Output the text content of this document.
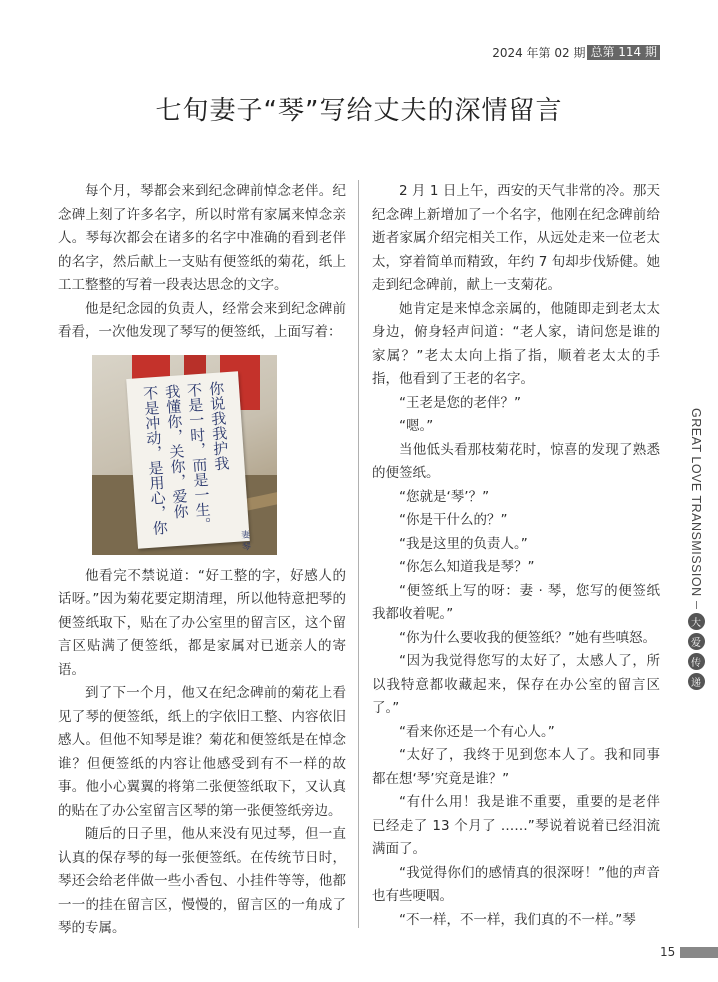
2024 年第 02 期 总第 114 期
七旬妻子“琴”写给丈夫的深情留言

每个月，琴都会来到纪念碑前悼念老伴。纪念碑上刻了许多名字，所以时常有家属来悼念亲人。琴每次都会在诸多的名字中准确的看到老伴的名字，然后献上一支贴有便签纸的菊花，纸上工工整整的写着一段表达思念的文字。

他是纪念园的负责人，经常会来到纪念碑前看看，一次他发现了琴写的便签纸，上面写着：

你说我我护我
不是一时，而是一生。
我懂你，关你，爱你
不是冲动，是用心，你
妻 琴

他看完不禁说道：“好工整的字，好感人的话呀。”因为菊花要定期清理，所以他特意把琴的便签纸取下，贴在了办公室里的留言区，这个留言区贴满了便签纸，都是家属对已逝亲人的寄语。

到了下一个月，他又在纪念碑前的菊花上看见了琴的便签纸，纸上的字依旧工整、内容依旧感人。但他不知琴是谁？菊花和便签纸是在悼念谁？但便签纸的内容让他感受到有不一样的故事。他小心翼翼的将第二张便签纸取下，又认真的贴在了办公室留言区琴的第一张便签纸旁边。

随后的日子里，他从来没有见过琴，但一直认真的保存琴的每一张便签纸。在传统节日时，琴还会给老伴做一些小香包、小挂件等等，他都一一的挂在留言区，慢慢的，留言区的一角成了琴的专属。

2 月 1 日上午，西安的天气非常的冷。那天纪念碑上新增加了一个名字，他刚在纪念碑前给逝者家属介绍完相关工作，从远处走来一位老太太，穿着简单而精致，年约 7 旬却步伐矫健。她走到纪念碑前，献上一支菊花。

她肯定是来悼念亲属的，他随即走到老太太身边，俯身轻声问道：“老人家，请问您是谁的家属？”老太太向上指了指，顺着老太太的手指，他看到了王老的名字。

“王老是您的老伴？”

“嗯。”

当他低头看那枝菊花时，惊喜的发现了熟悉的便签纸。

“您就是‘琴’？”

“你是干什么的？”

“我是这里的负责人。”

“你怎么知道我是琴？”

“便签纸上写的呀：妻 · 琴，您写的便签纸我都收着呢。”

“你为什么要收我的便签纸？”她有些嗔怒。

“因为我觉得您写的太好了，太感人了，所以我特意都收藏起来，保存在办公室的留言区了。”

“看来你还是一个有心人。”

“太好了，我终于见到您本人了。我和同事都在想‘琴’究竟是谁？”

“有什么用！我是谁不重要，重要的是老伴已经走了 13 个月了 ……”琴说着说着已经泪流满面了。

“我觉得你们的感情真的很深呀！”他的声音也有些哽咽。

“不一样，不一样，我们真的不一样。”琴

GREAT LOVE TRANSMISSION
大
爱
传
递
15
